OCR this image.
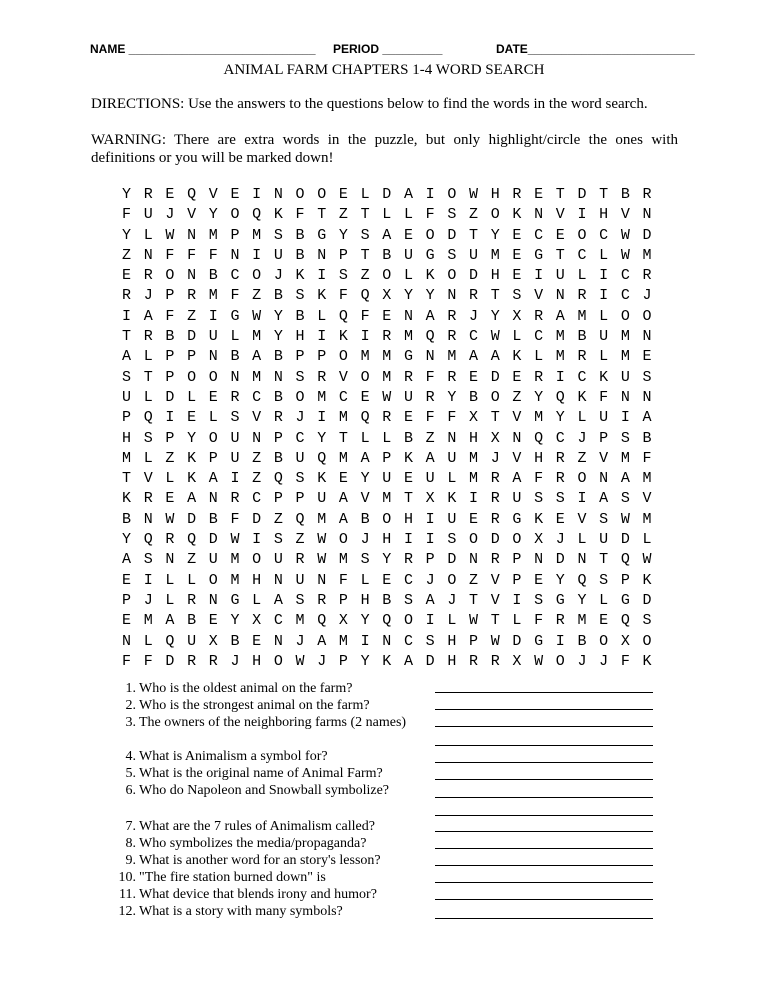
NAME ____________________________ PERIOD _________	DATE_________________________
ANIMAL FARM CHAPTERS 1-4 WORD SEARCH
DIRECTIONS: Use the answers to the questions below to find the words in the word search.
WARNING: There are extra words in the puzzle, but only highlight/circle the ones with definitions or you will be marked down!
Y R E Q V E I N O O E L D A I O W H R E T D T B R
F U J V Y O Q K F T Z T L L F S Z O K N V I H V N
Y L W N M P M S B G Y S A E O D T Y E C E O C W D
Z N F F F N I U B N P T B U G S U M E G T C L W M
E R O N B C O J K I S Z O L K O D H E I U L I C R
R J P R M F Z B S K F Q X Y Y N R T S V N R I C J
I A F Z I G W Y B L Q F E N A R J Y X R A M L O O
T R B D U L M Y H I K I R M Q R C W L C M B U M N
A L P P N B A B P P O M M G N M A A K L M R L M E
S T P O O N M N S R V O M R F R E D E R I C K U S
U L D L E R C B O M C E W U R Y B O Z Y Q K F N N
P Q I E L S V R J I M Q R E F F X T V M Y L U I A
H S P Y O U N P C Y T L L B Z N H X N Q C J P S B
M L Z K P U Z B U Q M A P K A U M J V H R Z V M F
T V L K A I Z Q S K E Y U E U L M R A F R O N A M
K R E A N R C P P U A V M T X K I R U S S I A S V
B N W D B F D Z Q M A B O H I U E R G K E V S W M
Y Q R Q D W I S Z W O J H I I S O D O X J L U D L
A S N Z U M O U R W M S Y R P D N R P N D N T Q W
E I L L O M H N U N F L E C J O Z V P E Y Q S P K
P J L R N G L A S R P H B S A J T V I S G Y L G D
E M A B E Y X C M Q X Y Q O I L W T L F R M E Q S
N L Q U X B E N J A M I N C S H P W D G I B O X O
F F D R R J H O W J P Y K A D H R R X W O J J F K
1. Who is the oldest animal on the farm?
2. Who is the strongest animal on the farm?
3. The owners of the neighboring farms (2 names)
4. What is Animalism a symbol for?
5. What is the original name of Animal Farm?
6. Who do Napoleon and Snowball symbolize?
7. What are the 7 rules of Animalism called?
8. Who symbolizes the media/propaganda?
9. What is another word for an story's lesson?
10. "The fire station burned down" is
11. What device that blends irony and humor?
12. What is a story with many symbols?
